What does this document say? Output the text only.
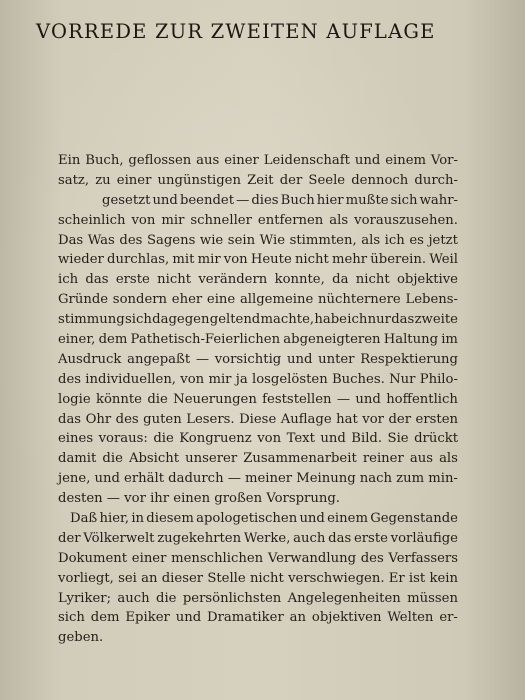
VORREDE ZUR ZWEITEN AUFLAGE
Ein Buch, geflossen aus einer Leidenschaft und einem Vor-
satz, zu einer ungünstigen Zeit der Seele dennoch durch-
gesetzt und beendet — dies Buch hier mußte sich wahr-
scheinlich von mir schneller entfernen als vorauszusehen.
Das Was des Sagens wie sein Wie stimmten, als ich es jetzt
wieder durchlas, mit mir von Heute nicht mehr überein. Weil
ich das erste nicht verändern konnte, da nicht objektive
Gründe sondern eher eine allgemeine nüchternere Lebens-
stimmung sich dagegen geltend machte, habe ich nur das zweite
einer, dem Pathetisch-Feierlichen abgeneigteren Haltung im
Ausdruck angepaßt — vorsichtig und unter Respektierung
des individuellen, von mir ja losgelösten Buches. Nur Philo-
logie könnte die Neuerungen feststellen — und hoffentlich
das Ohr des guten Lesers. Diese Auflage hat vor der ersten
eines voraus: die Kongruenz von Text und Bild. Sie drückt
damit die Absicht unserer Zusammenarbeit reiner aus als
jene, und erhält dadurch — meiner Meinung nach zum min-
desten — vor ihr einen großen Vorsprung.
Daß hier, in diesem apologetischen und einem Gegenstande
der Völkerwelt zugekehrten Werke, auch das erste vorläufige
Dokument einer menschlichen Verwandlung des Verfassers
vorliegt, sei an dieser Stelle nicht verschwiegen. Er ist kein
Lyriker; auch die persönlichsten Angelegenheiten müssen
sich dem Epiker und Dramatiker an objektiven Welten er-
geben.
